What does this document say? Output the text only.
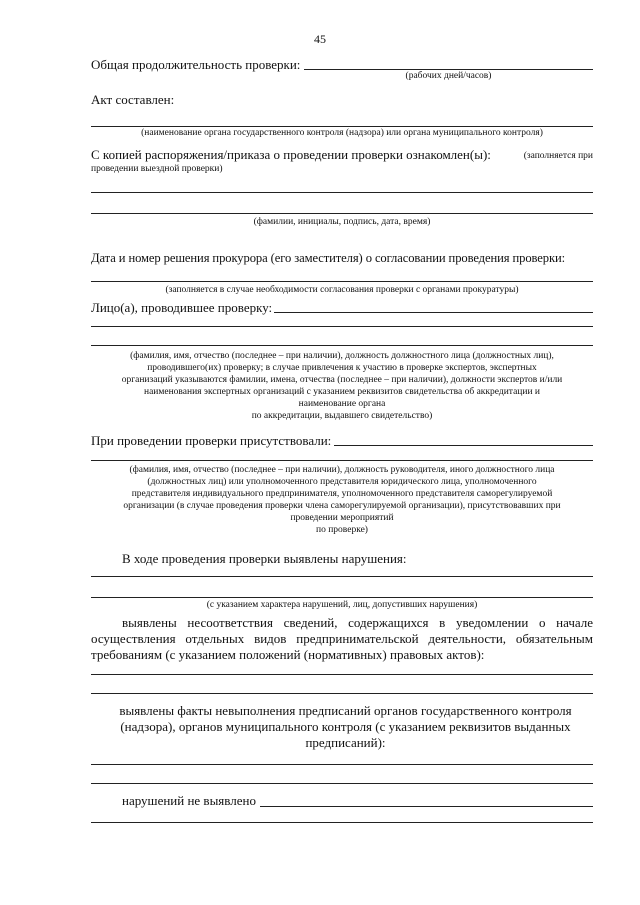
45
Общая продолжительность проверки:
(рабочих дней/часов)
Акт составлен:
(наименование органа государственного контроля (надзора) или органа муниципального контроля)
С копией распоряжения/приказа о проведении проверки ознакомлен(ы):	(заполняется при
проведении выездной проверки)
(фамилии, инициалы, подпись, дата, время)
Дата и номер решения прокурора (его заместителя) о согласовании проведения проверки:
(заполняется в случае необходимости согласования проверки с органами прокуратуры)
Лицо(а), проводившее проверку:
(фамилия, имя, отчество (последнее – при наличии), должность должностного лица (должностных лиц),
проводившего(их) проверку; в случае привлечения к участию в проверке экспертов, экспертных
организаций указываются фамилии, имена, отчества (последнее – при наличии), должности экспертов и/или
наименования экспертных организаций с указанием реквизитов свидетельства об аккредитации и
наименование органа
по аккредитации, выдавшего свидетельство)
При проведении проверки присутствовали:
(фамилия, имя, отчество (последнее – при наличии), должность руководителя, иного должностного лица
(должностных лиц) или уполномоченного представителя юридического лица, уполномоченного
представителя индивидуального предпринимателя, уполномоченного представителя саморегулируемой
организации (в случае проведения проверки члена саморегулируемой организации), присутствовавших при
проведении мероприятий
по проверке)
В ходе проведения проверки выявлены нарушения:
(с указанием характера нарушений, лиц, допустивших нарушения)
выявлены несоответствия сведений, содержащихся в уведомлении о начале
осуществления отдельных видов предпринимательской деятельности, обязательным
требованиям (с указанием положений (нормативных) правовых актов):
выявлены факты невыполнения предписаний органов государственного контроля
(надзора), органов муниципального контроля (с указанием реквизитов выданных
предписаний):
нарушений не выявлено
